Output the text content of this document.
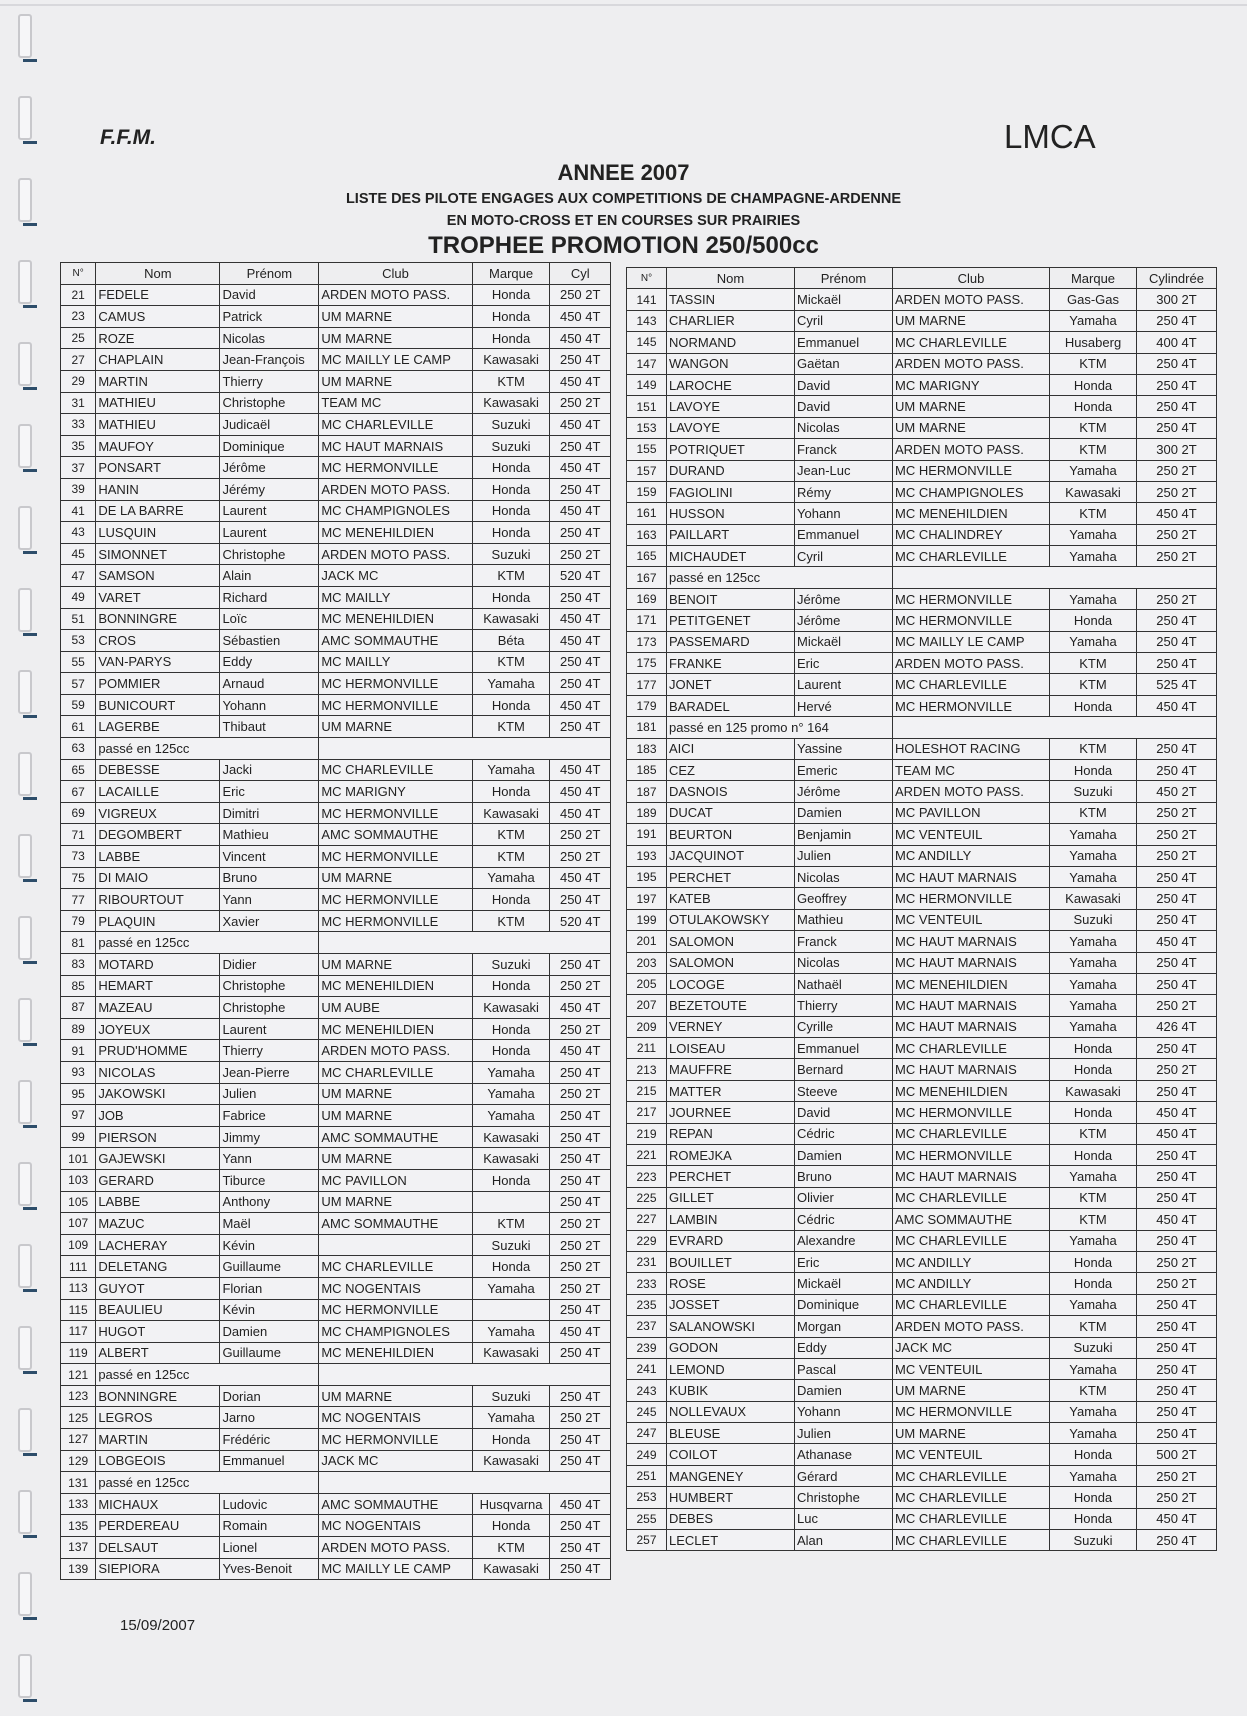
F.F.M.	LMCA
ANNEE 2007
LISTE DES PILOTE ENGAGES AUX COMPETITIONS DE CHAMPAGNE-ARDENNE
EN MOTO-CROSS ET EN COURSES SUR PRAIRIES
TROPHEE PROMOTION 250/500cc
N°	Nom	Prénom	Club	Marque	Cyl
21	FEDELE	David	ARDEN MOTO PASS.	Honda	250 2T
23	CAMUS	Patrick	UM MARNE	Honda	450 4T
25	ROZE	Nicolas	UM MARNE	Honda	450 4T
27	CHAPLAIN	Jean-François	MC MAILLY LE CAMP	Kawasaki	250 4T
29	MARTIN	Thierry	UM MARNE	KTM	450 4T
31	MATHIEU	Christophe	TEAM MC	Kawasaki	250 2T
33	MATHIEU	Judicaël	MC CHARLEVILLE	Suzuki	450 4T
35	MAUFOY	Dominique	MC HAUT MARNAIS	Suzuki	250 4T
37	PONSART	Jérôme	MC HERMONVILLE	Honda	450 4T
39	HANIN	Jérémy	ARDEN MOTO PASS.	Honda	250 4T
41	DE LA BARRE	Laurent	MC CHAMPIGNOLES	Honda	450 4T
43	LUSQUIN	Laurent	MC MENEHILDIEN	Honda	250 4T
45	SIMONNET	Christophe	ARDEN MOTO PASS.	Suzuki	250 2T
47	SAMSON	Alain	JACK MC	KTM	520 4T
49	VARET	Richard	MC MAILLY	Honda	250 4T
51	BONNINGRE	Loïc	MC MENEHILDIEN	Kawasaki	450 4T
53	CROS	Sébastien	AMC SOMMAUTHE	Béta	450 4T
55	VAN-PARYS	Eddy	MC MAILLY	KTM	250 4T
57	POMMIER	Arnaud	MC HERMONVILLE	Yamaha	250 4T
59	BUNICOURT	Yohann	MC HERMONVILLE	Honda	450 4T
61	LAGERBE	Thibaut	UM MARNE	KTM	250 4T
63	passé en 125cc				
65	DEBESSE	Jacki	MC CHARLEVILLE	Yamaha	450 4T
67	LACAILLE	Eric	MC MARIGNY	Honda	450 4T
69	VIGREUX	Dimitri	MC HERMONVILLE	Kawasaki	450 4T
71	DEGOMBERT	Mathieu	AMC SOMMAUTHE	KTM	250 2T
73	LABBE	Vincent	MC HERMONVILLE	KTM	250 2T
75	DI MAIO	Bruno	UM MARNE	Yamaha	450 4T
77	RIBOURTOUT	Yann	MC HERMONVILLE	Honda	250 4T
79	PLAQUIN	Xavier	MC HERMONVILLE	KTM	520 4T
81	passé en 125cc				
83	MOTARD	Didier	UM MARNE	Suzuki	250 4T
85	HEMART	Christophe	MC MENEHILDIEN	Honda	250 2T
87	MAZEAU	Christophe	UM AUBE	Kawasaki	450 4T
89	JOYEUX	Laurent	MC MENEHILDIEN	Honda	250 2T
91	PRUD'HOMME	Thierry	ARDEN MOTO PASS.	Honda	450 4T
93	NICOLAS	Jean-Pierre	MC CHARLEVILLE	Yamaha	250 4T
95	JAKOWSKI	Julien	UM MARNE	Yamaha	250 2T
97	JOB	Fabrice	UM MARNE	Yamaha	250 4T
99	PIERSON	Jimmy	AMC SOMMAUTHE	Kawasaki	250 4T
101	GAJEWSKI	Yann	UM MARNE	Kawasaki	250 4T
103	GERARD	Tiburce	MC PAVILLON	Honda	250 4T
105	LABBE	Anthony	UM MARNE		250 4T
107	MAZUC	Maël	AMC SOMMAUTHE	KTM	250 2T
109	LACHERAY	Kévin		Suzuki	250 2T
111	DELETANG	Guillaume	MC CHARLEVILLE	Honda	250 2T
113	GUYOT	Florian	MC NOGENTAIS	Yamaha	250 2T
115	BEAULIEU	Kévin	MC HERMONVILLE		250 4T
117	HUGOT	Damien	MC CHAMPIGNOLES	Yamaha	450 4T
119	ALBERT	Guillaume	MC MENEHILDIEN	Kawasaki	250 4T
121	passé en 125cc				
123	BONNINGRE	Dorian	UM MARNE	Suzuki	250 4T
125	LEGROS	Jarno	MC NOGENTAIS	Yamaha	250 2T
127	MARTIN	Frédéric	MC HERMONVILLE	Honda	250 4T
129	LOBGEOIS	Emmanuel	JACK MC	Kawasaki	250 4T
131	passé en 125cc				
133	MICHAUX	Ludovic	AMC SOMMAUTHE	Husqvarna	450 4T
135	PERDEREAU	Romain	MC NOGENTAIS	Honda	250 4T
137	DELSAUT	Lionel	ARDEN MOTO PASS.	KTM	250 4T
139	SIEPIORA	Yves-Benoit	MC MAILLY LE CAMP	Kawasaki	250 4T
N°	Nom	Prénom	Club	Marque	Cylindrée
141	TASSIN	Mickaël	ARDEN MOTO PASS.	Gas-Gas	300 2T
143	CHARLIER	Cyril	UM MARNE	Yamaha	250 4T
145	NORMAND	Emmanuel	MC CHARLEVILLE	Husaberg	400 4T
147	WANGON	Gaëtan	ARDEN MOTO PASS.	KTM	250 4T
149	LAROCHE	David	MC MARIGNY	Honda	250 4T
151	LAVOYE	David	UM MARNE	Honda	250 4T
153	LAVOYE	Nicolas	UM MARNE	KTM	250 4T
155	POTRIQUET	Franck	ARDEN MOTO PASS.	KTM	300 2T
157	DURAND	Jean-Luc	MC HERMONVILLE	Yamaha	250 2T
159	FAGIOLINI	Rémy	MC CHAMPIGNOLES	Kawasaki	250 2T
161	HUSSON	Yohann	MC MENEHILDIEN	KTM	450 4T
163	PAILLART	Emmanuel	MC CHALINDREY	Yamaha	250 2T
165	MICHAUDET	Cyril	MC CHARLEVILLE	Yamaha	250 2T
167	passé en 125cc				
169	BENOIT	Jérôme	MC HERMONVILLE	Yamaha	250 2T
171	PETITGENET	Jérôme	MC HERMONVILLE	Honda	250 4T
173	PASSEMARD	Mickaël	MC MAILLY LE CAMP	Yamaha	250 4T
175	FRANKE	Eric	ARDEN MOTO PASS.	KTM	250 4T
177	JONET	Laurent	MC CHARLEVILLE	KTM	525 4T
179	BARADEL	Hervé	MC HERMONVILLE	Honda	450 4T
181	passé en 125 promo n° 164				
183	AICI	Yassine	HOLESHOT RACING	KTM	250 4T
185	CEZ	Emeric	TEAM MC	Honda	250 4T
187	DASNOIS	Jérôme	ARDEN MOTO PASS.	Suzuki	450 2T
189	DUCAT	Damien	MC PAVILLON	KTM	250 2T
191	BEURTON	Benjamin	MC VENTEUIL	Yamaha	250 2T
193	JACQUINOT	Julien	MC ANDILLY	Yamaha	250 2T
195	PERCHET	Nicolas	MC HAUT MARNAIS	Yamaha	250 4T
197	KATEB	Geoffrey	MC HERMONVILLE	Kawasaki	250 4T
199	OTULAKOWSKY	Mathieu	MC VENTEUIL	Suzuki	250 4T
201	SALOMON	Franck	MC HAUT MARNAIS	Yamaha	450 4T
203	SALOMON	Nicolas	MC HAUT MARNAIS	Yamaha	250 4T
205	LOCOGE	Nathaël	MC MENEHILDIEN	Yamaha	250 4T
207	BEZETOUTE	Thierry	MC HAUT MARNAIS	Yamaha	250 2T
209	VERNEY	Cyrille	MC HAUT MARNAIS	Yamaha	426 4T
211	LOISEAU	Emmanuel	MC CHARLEVILLE	Honda	250 4T
213	MAUFFRE	Bernard	MC HAUT MARNAIS	Honda	250 2T
215	MATTER	Steeve	MC MENEHILDIEN	Kawasaki	250 4T
217	JOURNEE	David	MC HERMONVILLE	Honda	450 4T
219	REPAN	Cédric	MC CHARLEVILLE	KTM	450 4T
221	ROMEJKA	Damien	MC HERMONVILLE	Honda	250 4T
223	PERCHET	Bruno	MC HAUT MARNAIS	Yamaha	250 4T
225	GILLET	Olivier	MC CHARLEVILLE	KTM	250 4T
227	LAMBIN	Cédric	AMC SOMMAUTHE	KTM	450 4T
229	EVRARD	Alexandre	MC CHARLEVILLE	Yamaha	250 4T
231	BOUILLET	Eric	MC ANDILLY	Honda	250 2T
233	ROSE	Mickaël	MC ANDILLY	Honda	250 2T
235	JOSSET	Dominique	MC CHARLEVILLE	Yamaha	250 4T
237	SALANOWSKI	Morgan	ARDEN MOTO PASS.	KTM	250 4T
239	GODON	Eddy	JACK MC	Suzuki	250 4T
241	LEMOND	Pascal	MC VENTEUIL	Yamaha	250 4T
243	KUBIK	Damien	UM MARNE	KTM	250 4T
245	NOLLEVAUX	Yohann	MC HERMONVILLE	Yamaha	250 4T
247	BLEUSE	Julien	UM MARNE	Yamaha	250 4T
249	COILOT	Athanase	MC VENTEUIL	Honda	500 2T
251	MANGENEY	Gérard	MC CHARLEVILLE	Yamaha	250 2T
253	HUMBERT	Christophe	MC CHARLEVILLE	Honda	250 2T
255	DEBES	Luc	MC CHARLEVILLE	Honda	450 4T
257	LECLET	Alan	MC CHARLEVILLE	Suzuki	250 4T
15/09/2007
